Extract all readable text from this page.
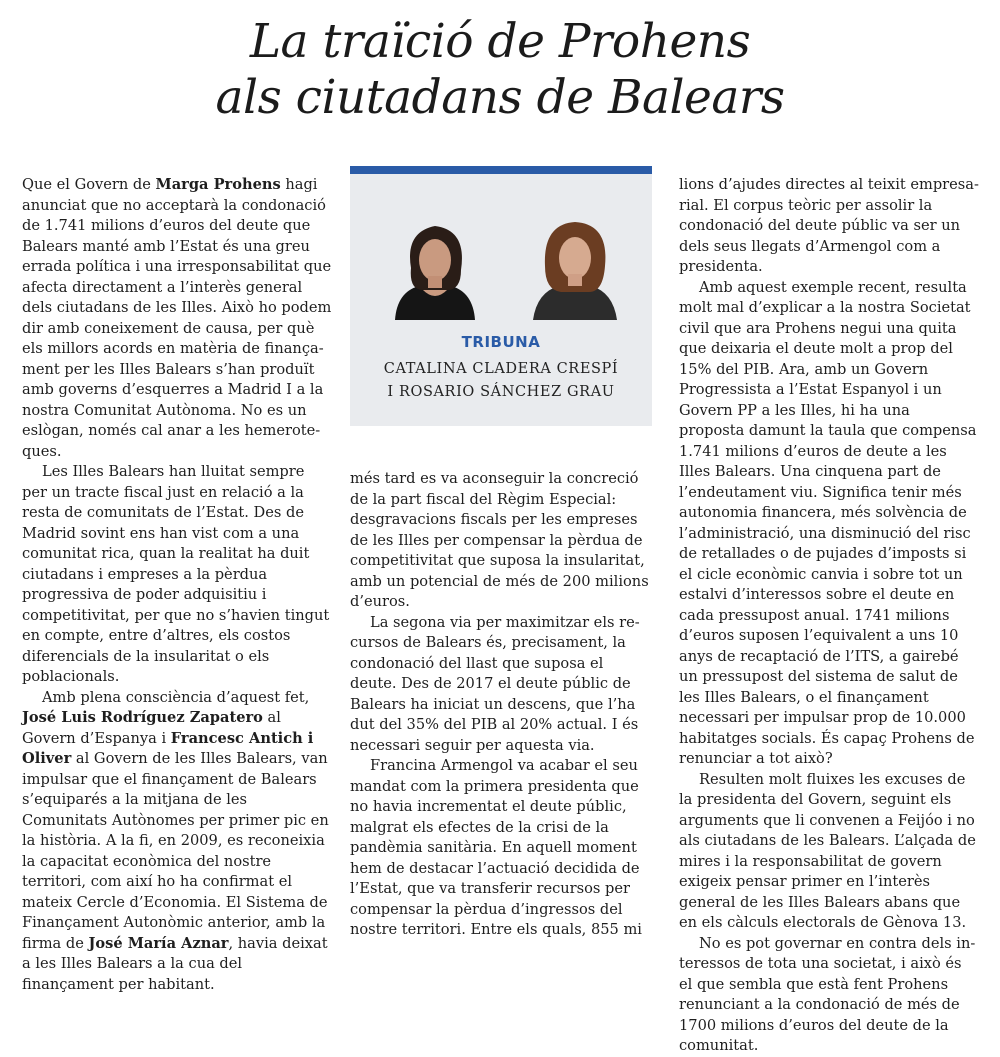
La traïció de Prohens
als ciutadans de Balears

Que el Govern de Marga Prohens hagi anunciat que no acceptarà la condonació de 1.741 milions d’euros del deute que Balears manté amb l’Estat és una greu errada política i una irresponsabilitat que afecta directament a l’interès general dels ciutadans de les Illes. Això ho podem dir amb coneixement de causa, per què els millors acords en matèria de finançament per les Illes Balears s’han produït amb governs d’esquerres a Madrid I a la nostra Comunitat Autònoma. No es un eslògan, només cal anar a les hemeroteques.

Les Illes Balears han lluitat sempre per un tracte fiscal just en relació a la resta de comunitats de l’Estat. Des de Madrid sovint ens han vist com a una comunitat rica, quan la realitat ha duit ciutadans i empreses a la pèrdua progressiva de poder adquisitiu i competitivitat, per que no s’havien tingut en compte, entre d’altres, els costos diferencials de la insularitat o els poblacionals.

Amb plena consciència d’aquest fet, José Luis Rodríguez Zapatero al Govern d’Espanya i Francesc Antich i Oliver al Govern de les Illes Balears, van impulsar que el finançament de Balears s’equiparés a la mitjana de les Comunitats Autònomes per primer pic en la història. A la fi, en 2009, es reconeixia la capacitat econòmica del nostre territori, com així ho ha confirmat el mateix Cercle d’Economia. El Sistema de Finançament Autonòmic anterior, amb la firma de José María Aznar, havia deixat a les Illes Balears a la cua del finançament per habitant.

TRIBUNA
CATALINA CLADERA CRESPÍ
I ROSARIO SÁNCHEZ GRAU

més tard es va aconseguir la concreció de la part fiscal del Règim Especial: desgravacions fiscals per les empreses de les Illes per compensar la pèrdua de competitivitat que suposa la insularitat, amb un potencial de més de 200 milions d’euros.

La segona via per maximitzar els recursos de Balears és, precisament, la condonació del llast que suposa el deute. Des de 2017 el deute públic de Balears ha iniciat un descens, que l’ha dut del 35% del PIB al 20% actual. I és necessari seguir per aquesta via.

Francina Armengol va acabar el seu mandat com la primera presidenta que no havia incrementat el deute públic, malgrat els efectes de la crisi de la pandèmia sanitària. En aquell moment hem de destacar l’actuació decidida de l’Estat, que va transferir recursos per compensar la pèrdua d’ingressos del nostre territori. Entre els quals, 855 mi

lions d’ajudes directes al teixit empresarial. El corpus teòric per assolir la condonació del deute públic va ser un dels seus llegats d’Armengol com a presidenta.

Amb aquest exemple recent, resulta molt mal d’explicar a la nostra Societat civil que ara Prohens negui una quita que deixaria el deute molt a prop del 15% del PIB. Ara, amb un Govern Progressista a l’Estat Espanyol i un Govern PP a les Illes, hi ha una proposta damunt la taula que compensa 1.741 milions d’euros de deute a les Illes Balears. Una cinquena part de l’endeutament viu. Significa tenir més autonomia financera, més solvència de l’administració, una disminució del risc de retallades o de pujades d’imposts si el cicle econòmic canvia i sobre tot un estalvi d’interessos sobre el deute en cada pressupost anual. 1741 milions d’euros suposen l’equivalent a uns 10 anys de recaptació de l’ITS, a gairebé un pressupost del sistema de salut de les Illes Balears, o el finançament necessari per impulsar prop de 10.000 habitatges socials. És capaç Prohens de renunciar a tot això?

Resulten molt fluixes les excuses de la presidenta del Govern, seguint els arguments que li convenen a Feijóo i no als ciutadans de les Balears. L’alçada de mires i la responsabilitat de govern exigeix pensar primer en l’interès general de les Illes Balears abans que en els càlculs electorals de Gènova 13.

No es pot governar en contra dels interessos de tota una societat, i això és el que sembla que està fent Prohens renunciant a la condonació de més de 1700 milions d’euros del deute de la comunitat.
